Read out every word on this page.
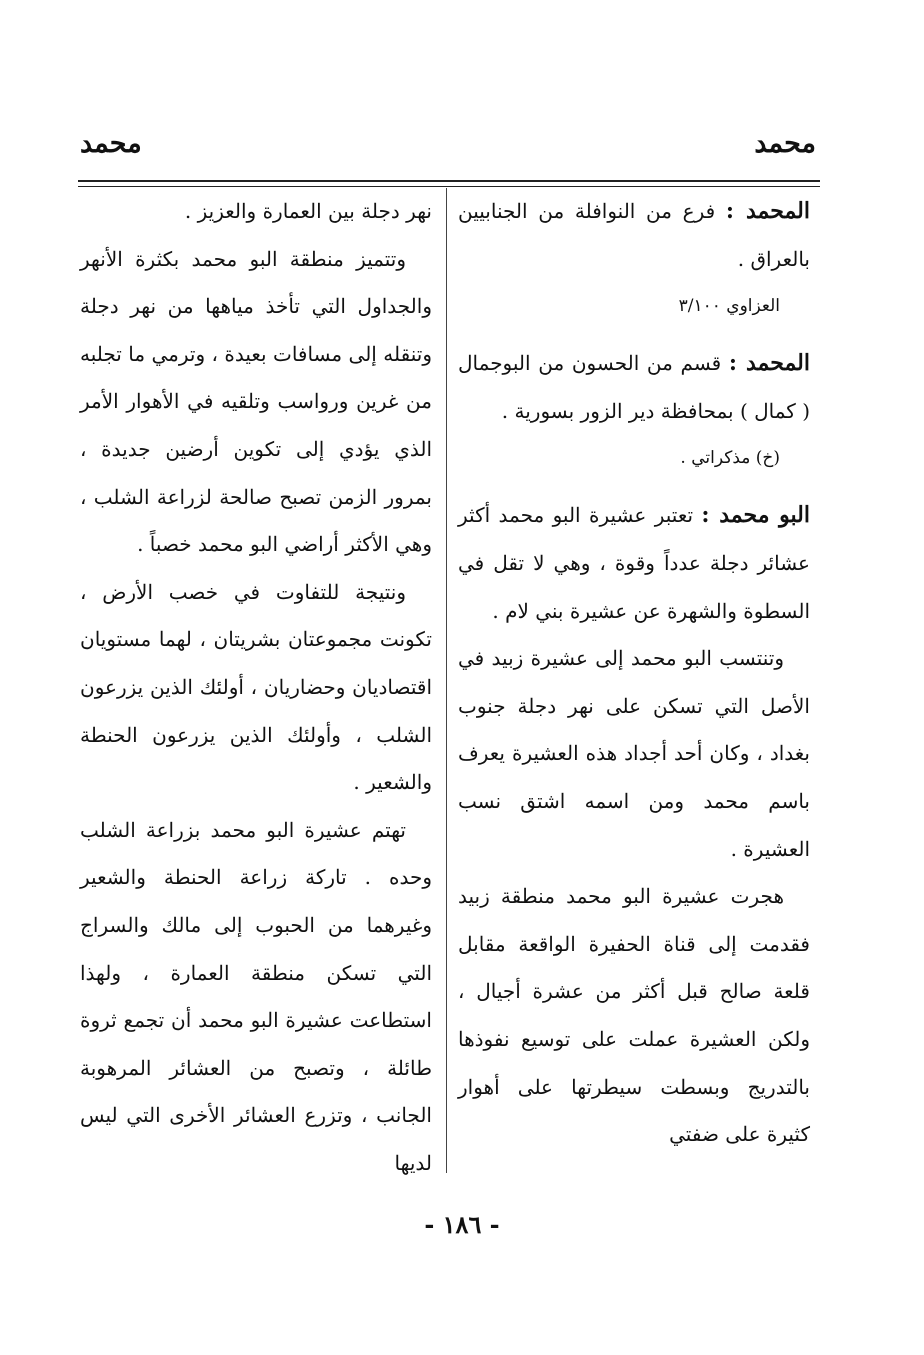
محمد
محمد

المحمد : فرع من النوافلة من الجنابيين بالعراق .

العزاوي ٣/١٠٠

المحمد : قسم من الحسون من البوجمال ( كمال ) بمحافظة دير الزور بسورية .

(خ) مذكراتي .

البو محمد : تعتبر عشيرة البو محمد أكثر عشائر دجلة عدداً وقوة ، وهي لا تقل في السطوة والشهرة عن عشيرة بني لام .

وتنتسب البو محمد إلى عشيرة زبيد في الأصل التي تسكن على نهر دجلة جنوب بغداد ، وكان أحد أجداد هذه العشيرة يعرف باسم محمد ومن اسمه اشتق نسب العشيرة .

هجرت عشيرة البو محمد منطقة زبيد فقدمت إلى قناة الحفيرة الواقعة مقابل قلعة صالح قبل أكثر من عشرة أجيال ، ولكن العشيرة عملت على توسيع نفوذها بالتدريج وبسطت سيطرتها على أهوار كثيرة على ضفتي

نهر دجلة بين العمارة والعزيز .

وتتميز منطقة البو محمد بكثرة الأنهر والجداول التي تأخذ مياهها من نهر دجلة وتنقله إلى مسافات بعيدة ، وترمي ما تجلبه من غرين ورواسب وتلقيه في الأهوار الأمر الذي يؤدي إلى تكوين أرضين جديدة ، بمرور الزمن تصبح صالحة لزراعة الشلب ، وهي الأكثر أراضي البو محمد خصباً .

ونتيجة للتفاوت في خصب الأرض ، تكونت مجموعتان بشريتان ، لهما مستويان اقتصاديان وحضاريان ، أولئك الذين يزرعون الشلب ، وأولئك الذين يزرعون الحنطة والشعير .

تهتم عشيرة البو محمد بزراعة الشلب وحده . تاركة زراعة الحنطة والشعير وغيرهما من الحبوب إلى مالك والسراج التي تسكن منطقة العمارة ، ولهذا استطاعت عشيرة البو محمد أن تجمع ثروة طائلة ، وتصبح من العشائر المرهوبة الجانب ، وتزرع العشائر الأخرى التي ليس لديها

- ١٨٦ -
